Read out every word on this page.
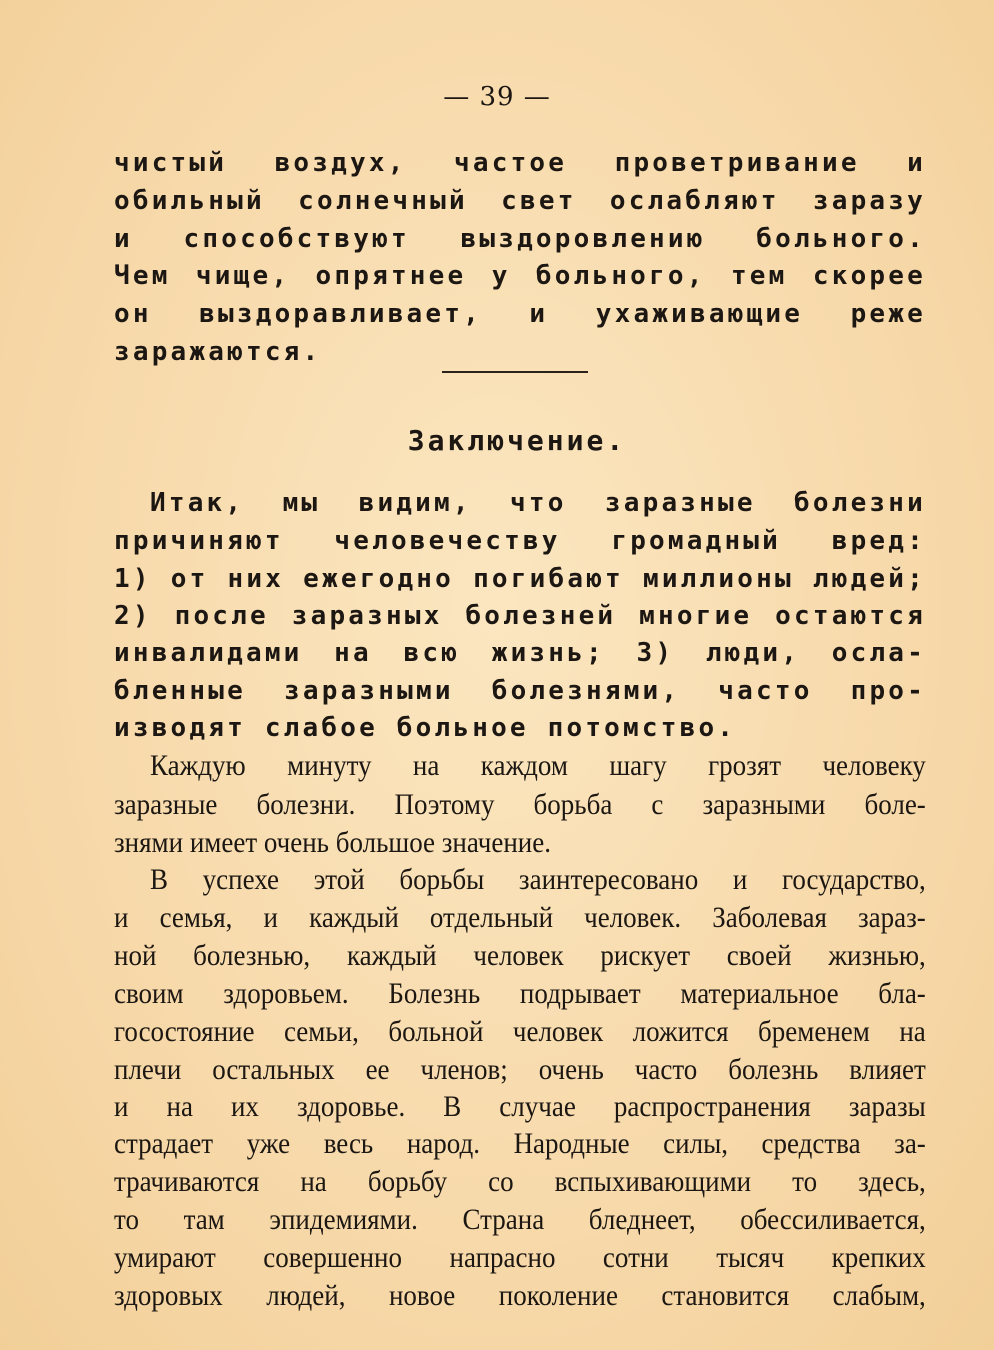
— 39 —
чистый воздух, частое проветривание и
обильный солнечный свет ослабляют заразу
и способствуют выздоровлению больного.
Чем чище, опрятнее у больного, тем скорее
он выздоравливает, и ухаживающие реже
заражаются.
Заключение.
Итак, мы видим, что заразные болезни
причиняют человечеству громадный вред:
1) от них ежегодно погибают миллионы людей;
2) после заразных болезней многие остаются
инвалидами на всю жизнь; 3) люди, осла-
бленные заразными болезнями, часто про-
изводят слабое больное потомство.
Каждую минуту на каждом шагу грозят человеку
заразные болезни. Поэтому борьба с заразными боле-
знями имеет очень большое значение.
В успехе этой борьбы заинтересовано и государство,
и семья, и каждый отдельный человек. Заболевая зараз-
ной болезнью, каждый человек рискует своей жизнью,
своим здоровьем. Болезнь подрывает материальное бла-
госостояние семьи, больной человек ложится бременем на
плечи остальных ее членов; очень часто болезнь влияет
и на их здоровье. В случае распространения заразы
страдает уже весь народ. Народные силы, средства за-
трачиваются на борьбу со вспыхивающими то здесь,
то там эпидемиями. Страна бледнеет, обессиливается,
умирают совершенно напрасно сотни тысяч крепких
здоровых людей, новое поколение становится слабым,
